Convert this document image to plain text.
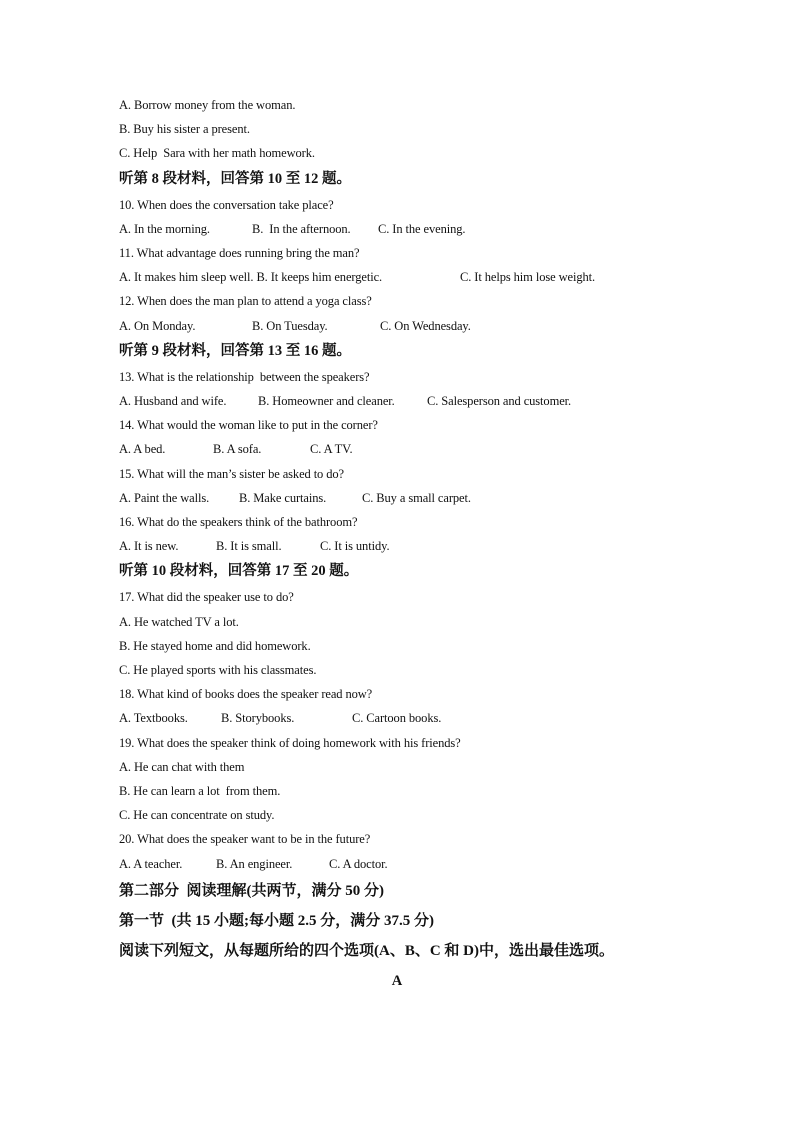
A. Borrow money from the woman.
B. Buy his sister a present.
C. Help  Sara with her math homework.
听第 8 段材料，回答第 10 至 12 题。
10. When does the conversation take place?
A. In the morning.	B.  In the afternoon.	C. In the evening.
11. What advantage does running bring the man?
A. It makes him sleep well. B. It keeps him energetic.	C. It helps him lose weight.
12. When does the man plan to attend a yoga class?
A. On Monday.	B. On Tuesday.	C. On Wednesday.
听第 9 段材料，回答第 13 至 16 题。
13. What is the relationship  between the speakers?
A. Husband and wife.	B. Homeowner and cleaner.	C. Salesperson and customer.
14. What would the woman like to put in the corner?
A. A bed.	B. A sofa.	C. A TV.
15. What will the man’s sister be asked to do?
A. Paint the walls.	B. Make curtains.	C. Buy a small carpet.
16. What do the speakers think of the bathroom?
A. It is new.	B. It is small.	C. It is untidy.
听第 10 段材料，回答第 17 至 20 题。
17. What did the speaker use to do?
A. He watched TV a lot.
B. He stayed home and did homework.
C. He played sports with his classmates.
18. What kind of books does the speaker read now?
A. Textbooks.	B. Storybooks.	C. Cartoon books.
19. What does the speaker think of doing homework with his friends?
A. He can chat with them
B. He can learn a lot  from them.
C. He can concentrate on study.
20. What does the speaker want to be in the future?
A. A teacher.	B. An engineer.	C. A doctor.
第二部分  阅读理解(共两节，满分 50 分)
第一节  (共 15 小题;每小题 2.5 分，满分 37.5 分)
阅读下列短文，从每题所给的四个选项(A、B、C 和 D)中，选出最佳选项。
A
